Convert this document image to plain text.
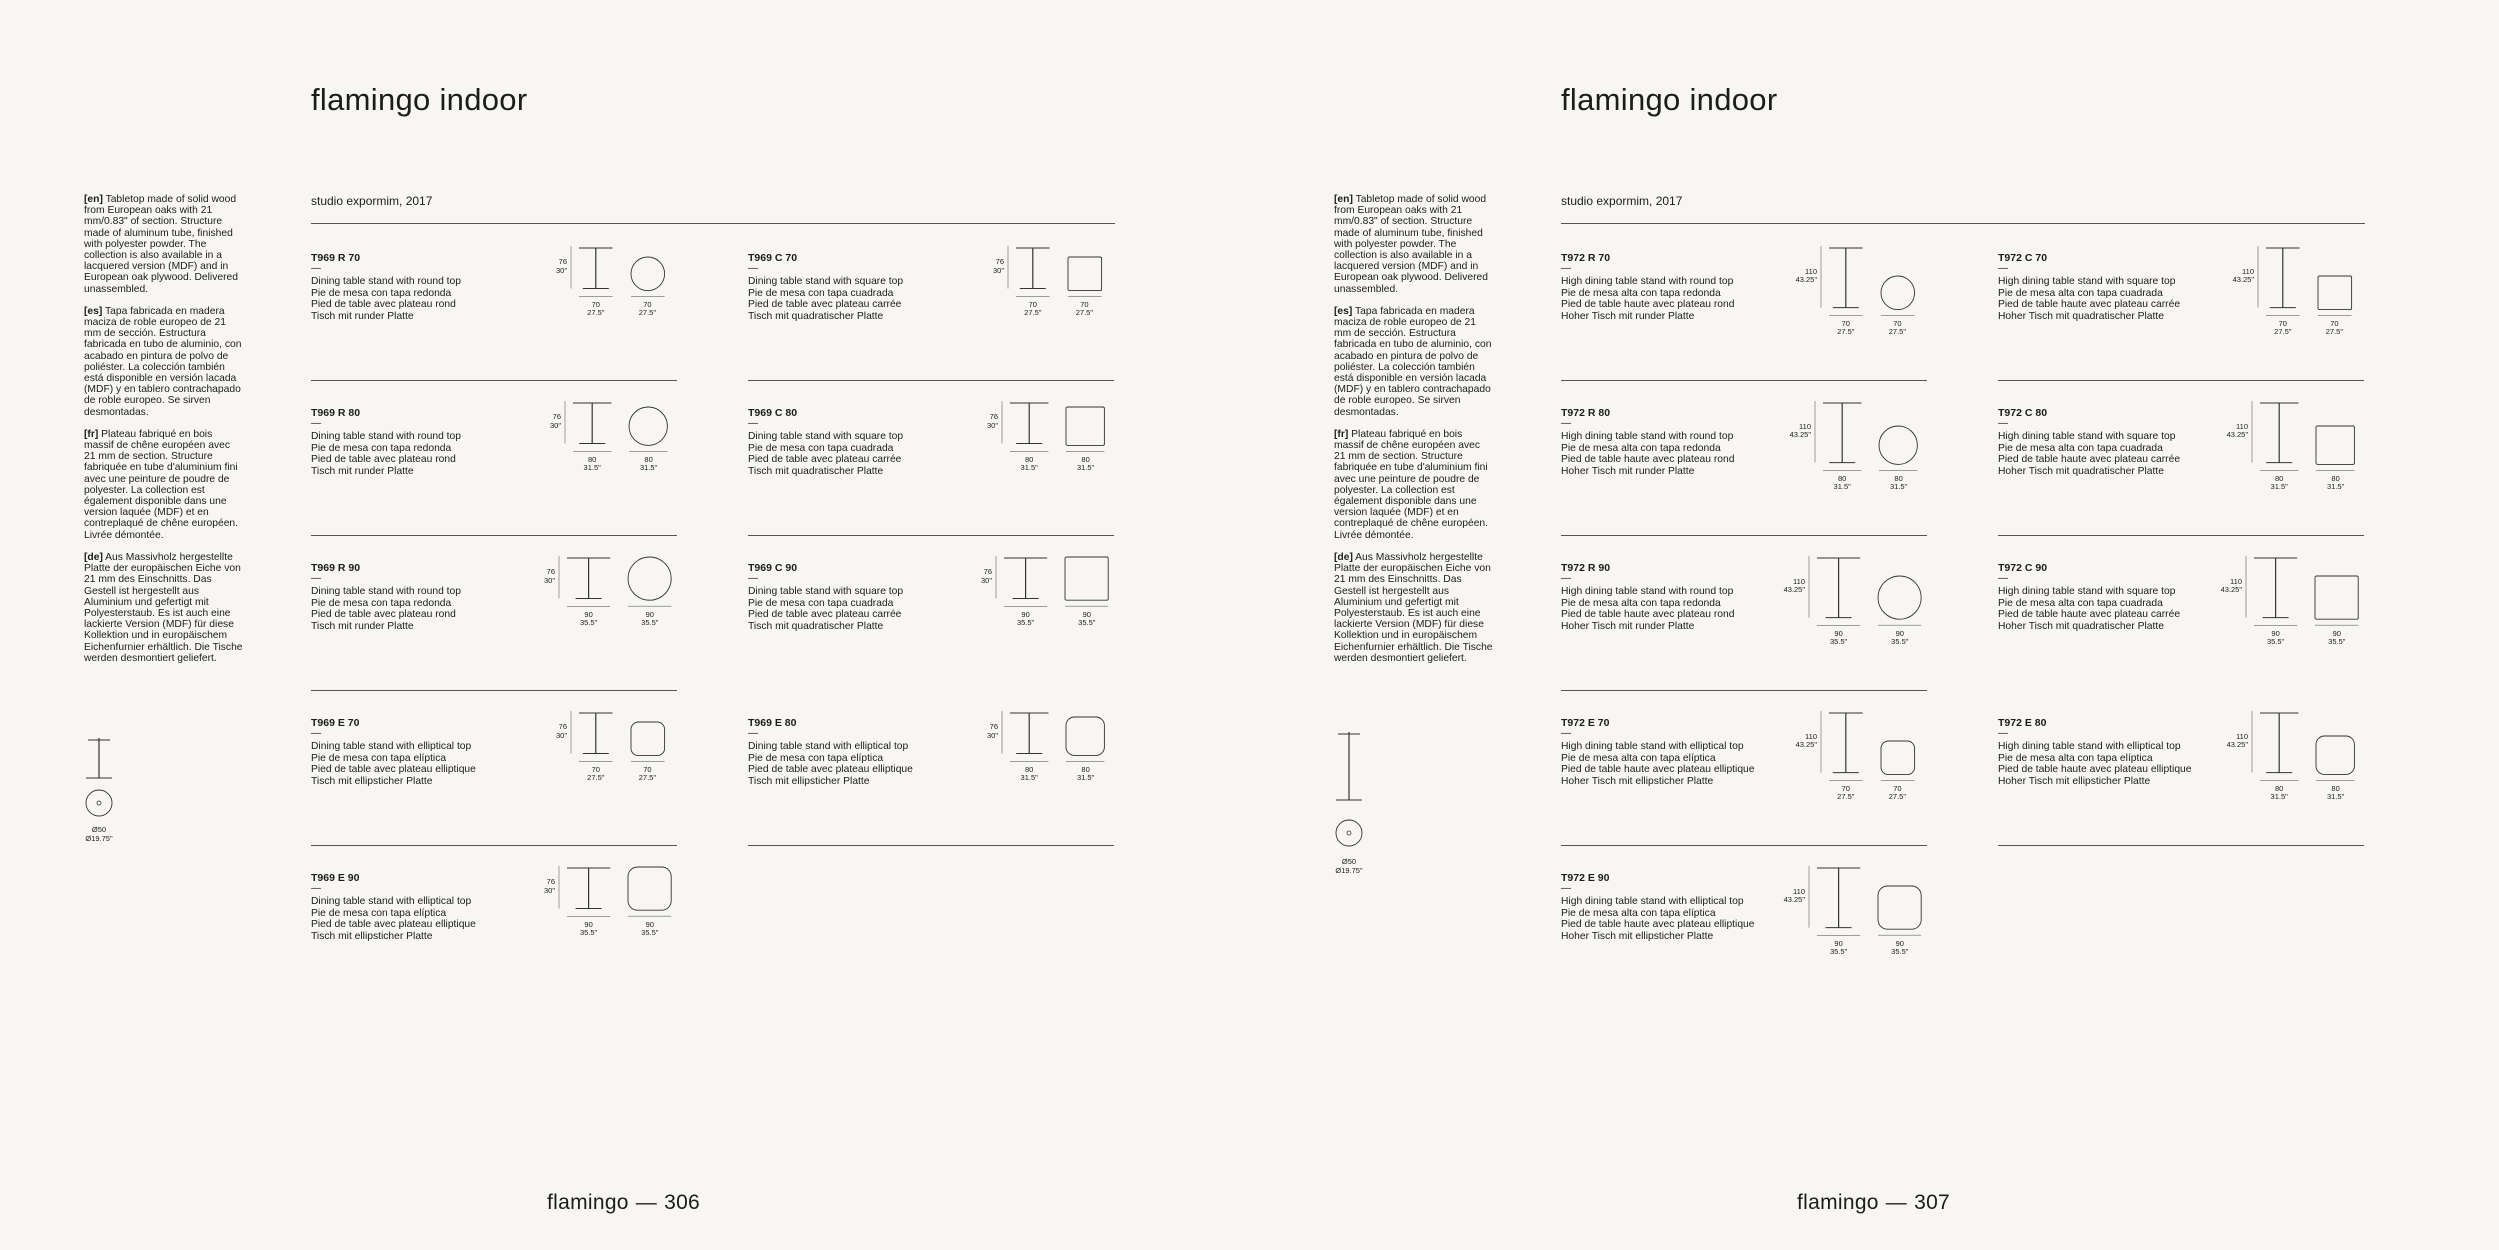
flamingo indoor

[en] Tabletop made of solid wood from European oaks with 21 mm/0.83" of section. Structure made of aluminum tube, finished with polyester powder. The collection is also available in a lacquered version (MDF) and in European oak plywood. Delivered unassembled.

[es] Tapa fabricada en madera maciza de roble europeo de 21 mm de sección. Estructura fabricada en tubo de aluminio, con acabado en pintura de polvo de poliéster. La colección también está disponible en versión lacada (MDF) y en tablero contrachapado de roble europeo. Se sirven desmontadas.

[fr] Plateau fabriqué en bois massif de chêne européen avec 21 mm de section. Structure fabriquée en tube d'aluminium fini avec une peinture de poudre de polyester. La collection est également disponible dans une version laquée (MDF) et en contreplaqué de chêne européen. Livrée démontée.

[de] Aus Massivholz hergestellte Platte der europäischen Eiche von 21 mm des Einschnitts. Das Gestell ist hergestellt aus Aluminium und gefertigt mit Polyesterstaub. Es ist auch eine lackierte Version (MDF) für diese Kollektion und in europäischem Eichenfurnier erhältlich. Die Tische werden desmontiert geliefert.

studio expormim, 2017
Ø50
Ø19.75"
flamingo — 306
T969 R 70
—
Dining table stand with round top
Pie de mesa con tapa redonda
Pied de table avec plateau rond
Tisch mit runder Platte
76
30"
70
27.5"
70
27.5"
T969 C 70
—
Dining table stand with square top
Pie de mesa con tapa cuadrada
Pied de table avec plateau carrée
Tisch mit quadratischer Platte
76
30"
70
27.5"
70
27.5"
T969 R 80
—
Dining table stand with round top
Pie de mesa con tapa redonda
Pied de table avec plateau rond
Tisch mit runder Platte
76
30"
80
31.5"
80
31.5"
T969 C 80
—
Dining table stand with square top
Pie de mesa con tapa cuadrada
Pied de table avec plateau carrée
Tisch mit quadratischer Platte
76
30"
80
31.5"
80
31.5"
T969 R 90
—
Dining table stand with round top
Pie de mesa con tapa redonda
Pied de table avec plateau rond
Tisch mit runder Platte
76
30"
90
35.5"
90
35.5"
T969 C 90
—
Dining table stand with square top
Pie de mesa con tapa cuadrada
Pied de table avec plateau carrée
Tisch mit quadratischer Platte
76
30"
90
35.5"
90
35.5"
T969 E 70
—
Dining table stand with elliptical top
Pie de mesa con tapa elíptica
Pied de table avec plateau elliptique
Tisch mit ellipsticher Platte
76
30"
70
27.5"
70
27.5"
T969 E 80
—
Dining table stand with elliptical top
Pie de mesa con tapa elíptica
Pied de table avec plateau elliptique
Tisch mit ellipsticher Platte
76
30"
80
31.5"
80
31.5"
T969 E 90
—
Dining table stand with elliptical top
Pie de mesa con tapa elíptica
Pied de table avec plateau elliptique
Tisch mit ellipsticher Platte
76
30"
90
35.5"
90
35.5"
flamingo indoor

[en] Tabletop made of solid wood from European oaks with 21 mm/0.83" of section. Structure made of aluminum tube, finished with polyester powder. The collection is also available in a lacquered version (MDF) and in European oak plywood. Delivered unassembled.

[es] Tapa fabricada en madera maciza de roble europeo de 21 mm de sección. Estructura fabricada en tubo de aluminio, con acabado en pintura de polvo de poliéster. La colección también está disponible en versión lacada (MDF) y en tablero contrachapado de roble europeo. Se sirven desmontadas.

[fr] Plateau fabriqué en bois massif de chêne européen avec 21 mm de section. Structure fabriquée en tube d'aluminium fini avec une peinture de poudre de polyester. La collection est également disponible dans une version laquée (MDF) et en contreplaqué de chêne européen. Livrée démontée.

[de] Aus Massivholz hergestellte Platte der europäischen Eiche von 21 mm des Einschnitts. Das Gestell ist hergestellt aus Aluminium und gefertigt mit Polyesterstaub. Es ist auch eine lackierte Version (MDF) für diese Kollektion und in europäischem Eichenfurnier erhältlich. Die Tische werden desmontiert geliefert.

studio expormim, 2017
Ø50
Ø19.75"
flamingo — 307
T972 R 70
—
High dining table stand with round top
Pie de mesa alta con tapa redonda
Pied de table haute avec plateau rond
Hoher Tisch mit runder Platte
110
43.25"
70
27.5"
70
27.5"
T972 C 70
—
High dining table stand with square top
Pie de mesa alta con tapa cuadrada
Pied de table haute avec plateau carrée
Hoher Tisch mit quadratischer Platte
110
43.25"
70
27.5"
70
27.5"
T972 R 80
—
High dining table stand with round top
Pie de mesa alta con tapa redonda
Pied de table haute avec plateau rond
Hoher Tisch mit runder Platte
110
43.25"
80
31.5"
80
31.5"
T972 C 80
—
High dining table stand with square top
Pie de mesa alta con tapa cuadrada
Pied de table haute avec plateau carrée
Hoher Tisch mit quadratischer Platte
110
43.25"
80
31.5"
80
31.5"
T972 R 90
—
High dining table stand with round top
Pie de mesa alta con tapa redonda
Pied de table haute avec plateau rond
Hoher Tisch mit runder Platte
110
43.25"
90
35.5"
90
35.5"
T972 C 90
—
High dining table stand with square top
Pie de mesa alta con tapa cuadrada
Pied de table haute avec plateau carrée
Hoher Tisch mit quadratischer Platte
110
43.25"
90
35.5"
90
35.5"
T972 E 70
—
High dining table stand with elliptical top
Pie de mesa alta con tapa elíptica
Pied de table haute avec plateau elliptique
Hoher Tisch mit ellipsticher Platte
110
43.25"
70
27.5"
70
27.5"
T972 E 80
—
High dining table stand with elliptical top
Pie de mesa alta con tapa elíptica
Pied de table haute avec plateau elliptique
Hoher Tisch mit ellipsticher Platte
110
43.25"
80
31.5"
80
31.5"
T972 E 90
—
High dining table stand with elliptical top
Pie de mesa alta con tapa elíptica
Pied de table haute avec plateau elliptique
Hoher Tisch mit ellipsticher Platte
110
43.25"
90
35.5"
90
35.5"
